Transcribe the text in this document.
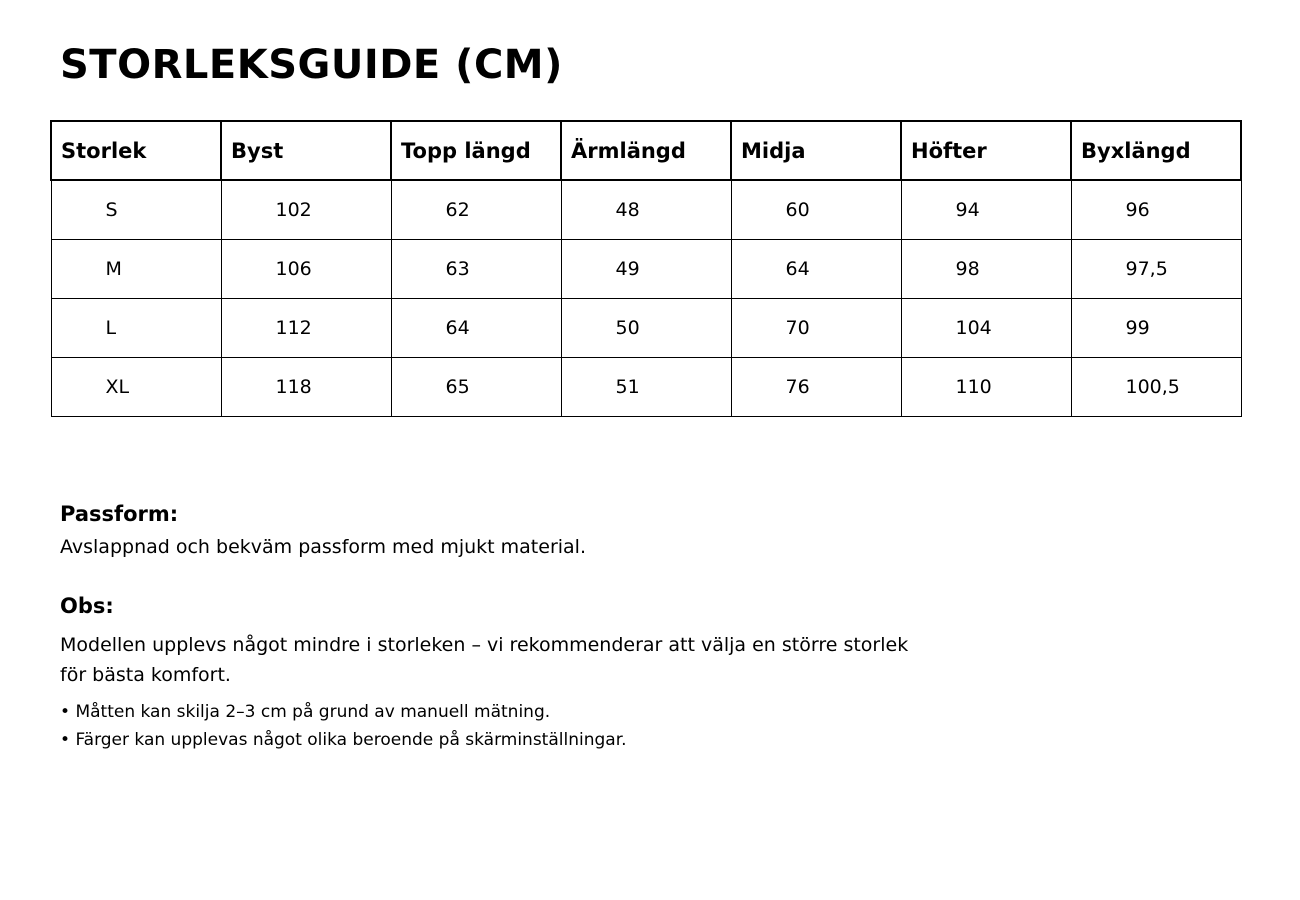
STORLEKSGUIDE (CM)
Storlek	Byst	Topp längd	Ärmlängd	Midja	Höfter	Byxlängd
S	102	62	48	60	94	96
M	106	63	49	64	98	97,5
L	112	64	50	70	104	99
XL	118	65	51	76	110	100,5
Passform:

Avslappnad och bekväm passform med mjukt material.

Obs:

Modellen upplevs något mindre i storleken – vi rekommenderar att välja en större storlek för bästa komfort.

• Måtten kan skilja 2–3 cm på grund av manuell mätning.
• Färger kan upplevas något olika beroende på skärminställningar.
